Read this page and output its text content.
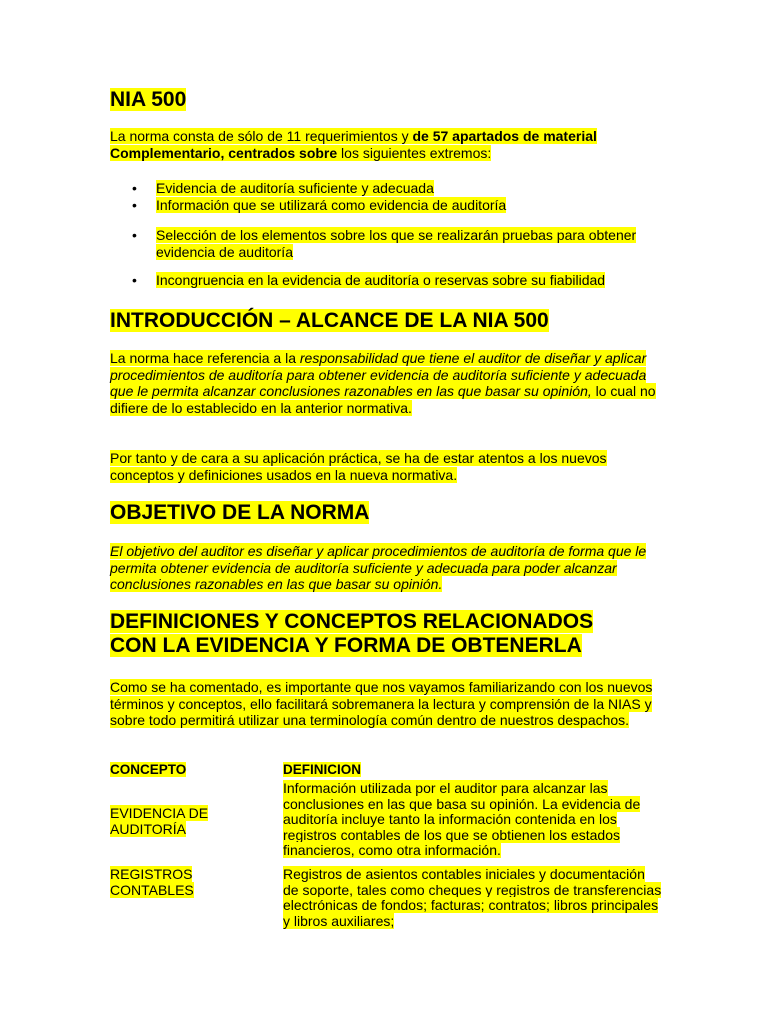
NIA 500

La norma consta de sólo de 11 requerimientos y de 57 apartados de material Complementario, centrados sobre los siguientes extremos:

• Evidencia de auditoría suficiente y adecuada
• Información que se utilizará como evidencia de auditoría
• Selección de los elementos sobre los que se realizarán pruebas para obtener evidencia de auditoría
• Incongruencia en la evidencia de auditoría o reservas sobre su fiabilidad
INTRODUCCIÓN – ALCANCE DE LA NIA 500

La norma hace referencia a la responsabilidad que tiene el auditor de diseñar y aplicar procedimientos de auditoría para obtener evidencia de auditoría suficiente y adecuada que le permita alcanzar conclusiones razonables en las que basar su opinión, lo cual no difiere de lo establecido en la anterior normativa.

Por tanto y de cara a su aplicación práctica, se ha de estar atentos a los nuevos conceptos y definiciones usados en la nueva normativa.

OBJETIVO DE LA NORMA

El objetivo del auditor es diseñar y aplicar procedimientos de auditoría de forma que le permita obtener evidencia de auditoría suficiente y adecuada para poder alcanzar conclusiones razonables en las que basar su opinión.

DEFINICIONES Y CONCEPTOS RELACIONADOS
CON LA EVIDENCIA Y FORMA DE OBTENERLA

Como se ha comentado, es importante que nos vayamos familiarizando con los nuevos términos y conceptos, ello facilitará sobremanera la lectura y comprensión de la NIAS y sobre todo permitirá utilizar una terminología común dentro de nuestros despachos.

CONCEPTO	DEFINICION
EVIDENCIA DE
AUDITORÍA
Información utilizada por el auditor para alcanzar las conclusiones en las que basa su opinión. La evidencia de auditoría incluye tanto la información contenida en los registros contables de los que se obtienen los estados financieros, como otra información.
REGISTROS
CONTABLES
Registros de asientos contables iniciales y documentación de soporte, tales como cheques y registros de transferencias electrónicas de fondos; facturas; contratos; libros principales y libros auxiliares;
